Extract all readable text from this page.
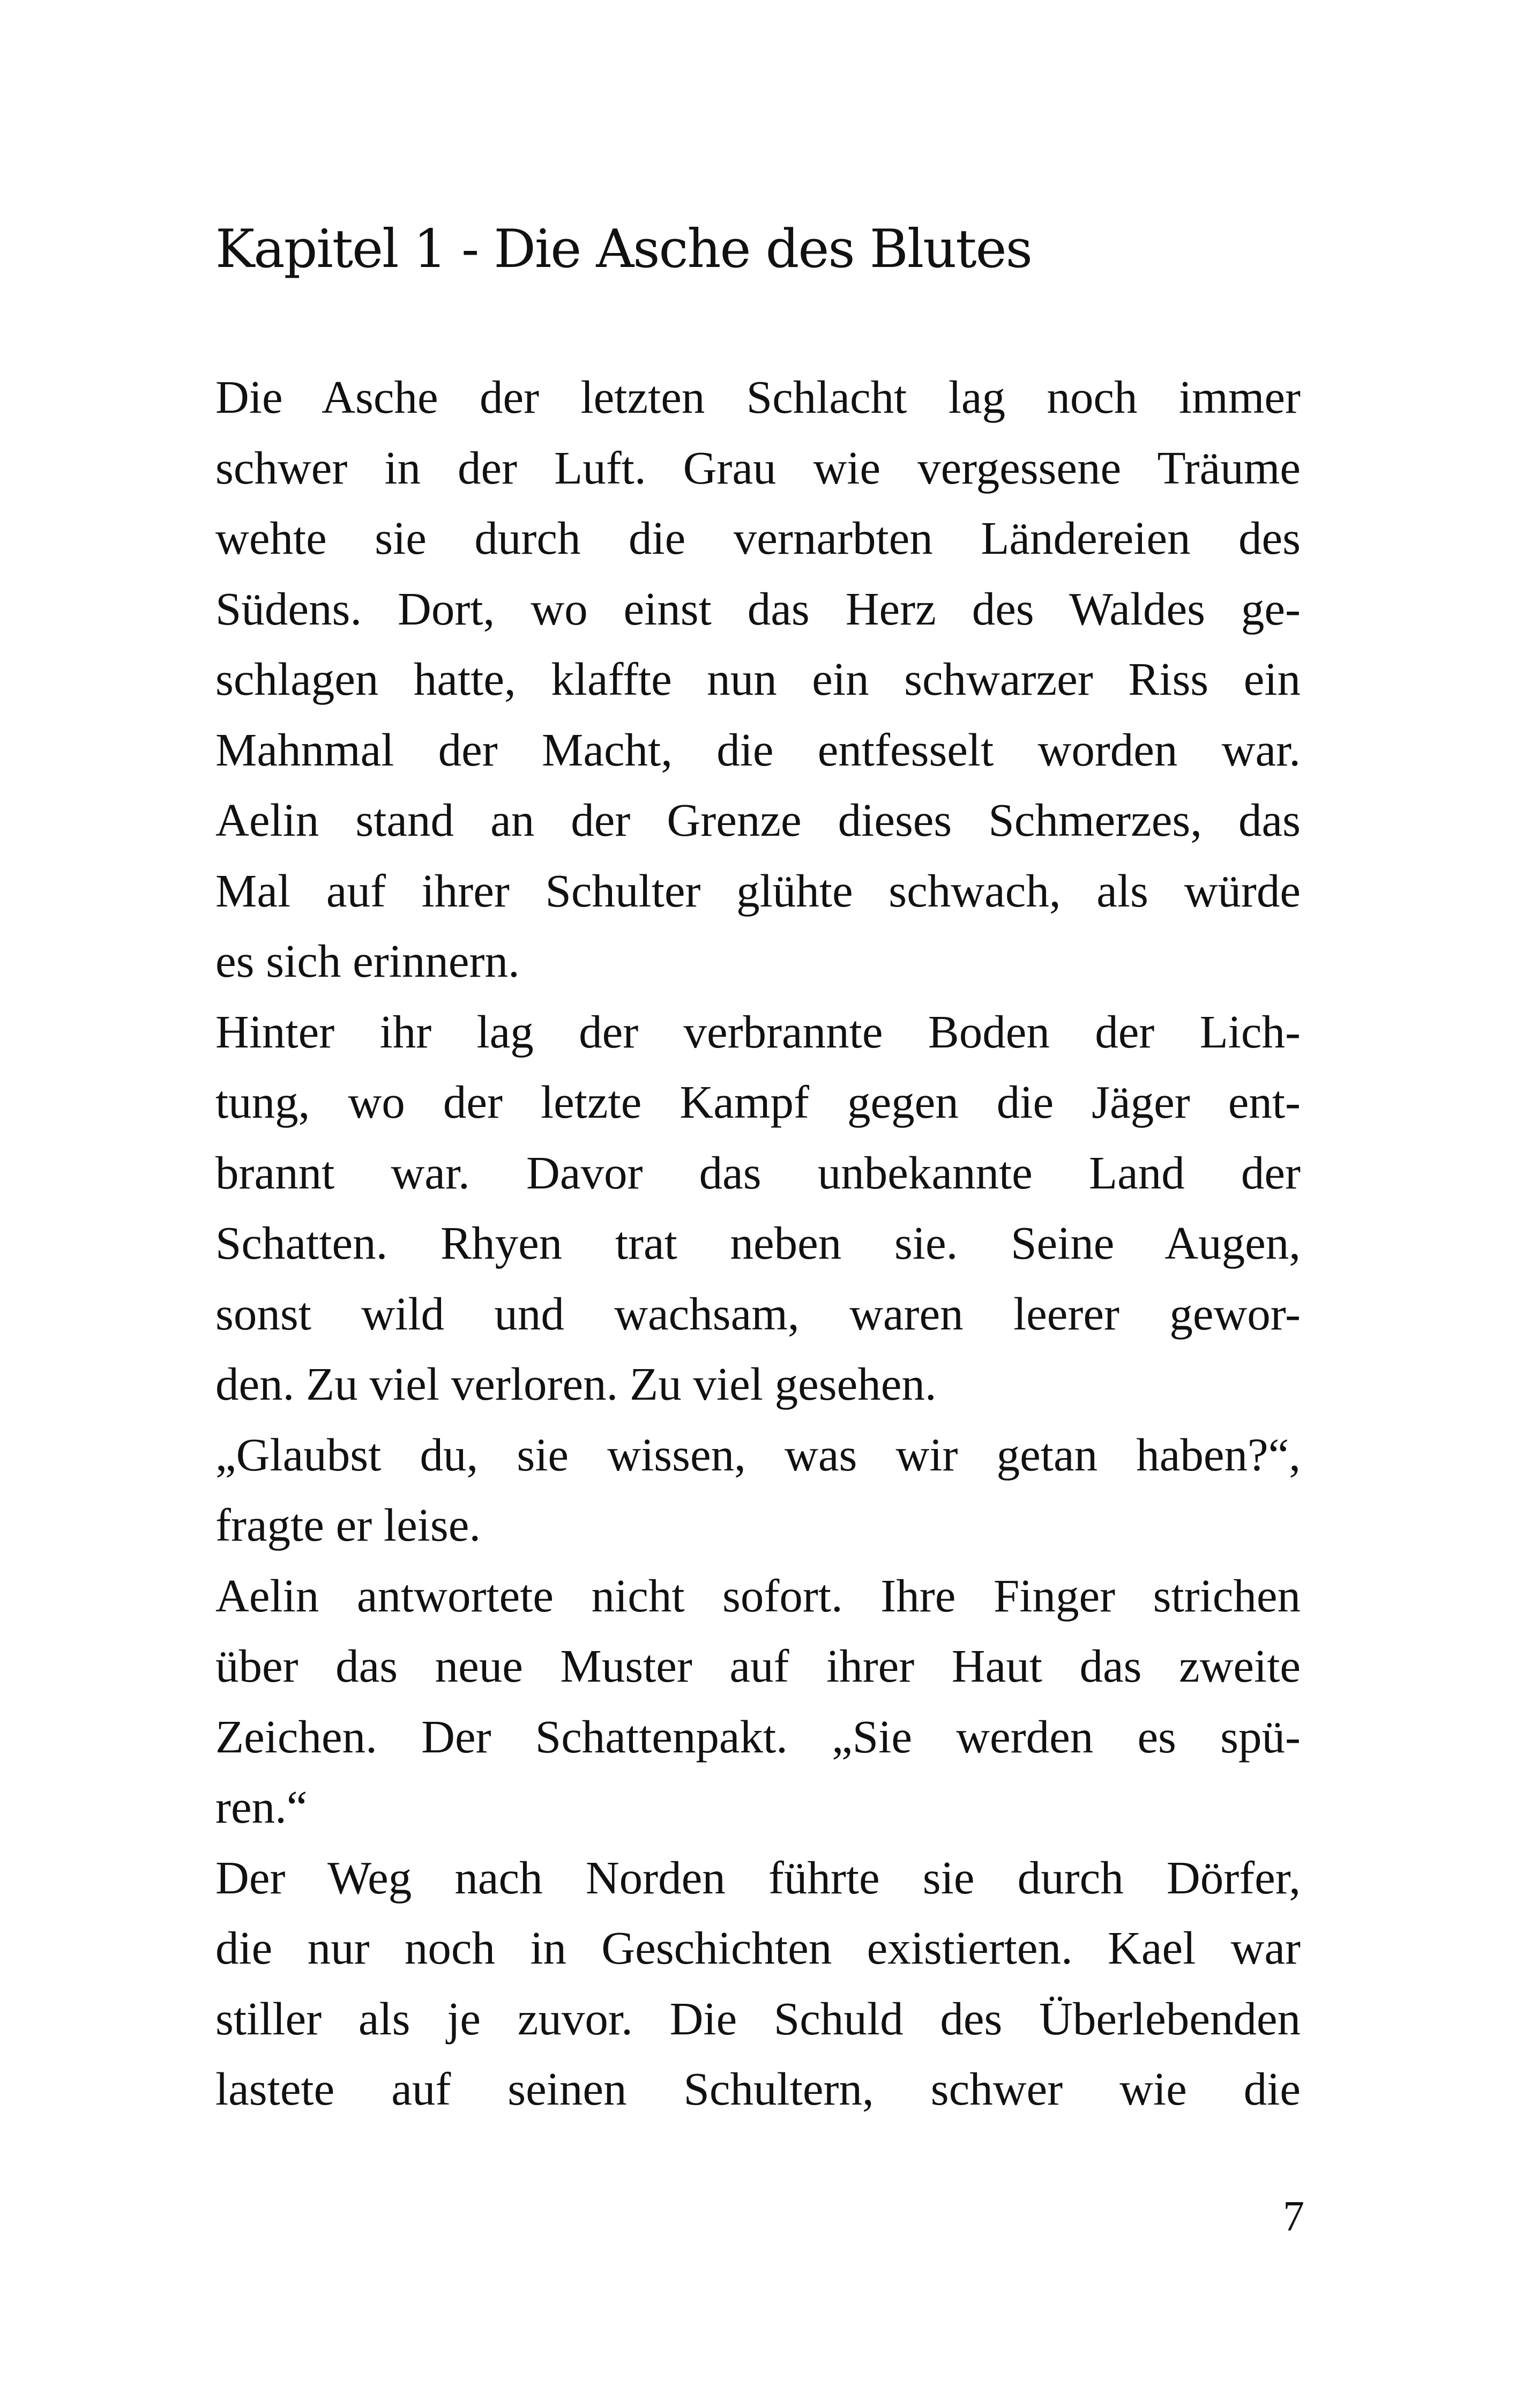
Kapitel 1 - Die Asche des Blutes
Die Asche der letzten Schlacht lag noch immer
schwer in der Luft. Grau wie vergessene Träume
wehte sie durch die vernarbten Ländereien des
Südens. Dort, wo einst das Herz des Waldes ge-
schlagen hatte, klaffte nun ein schwarzer Riss ein
Mahnmal der Macht, die entfesselt worden war.
Aelin stand an der Grenze dieses Schmerzes, das
Mal auf ihrer Schulter glühte schwach, als würde
es sich erinnern.
Hinter ihr lag der verbrannte Boden der Lich-
tung, wo der letzte Kampf gegen die Jäger ent-
brannt war. Davor das unbekannte Land der
Schatten. Rhyen trat neben sie. Seine Augen,
sonst wild und wachsam, waren leerer gewor-
den. Zu viel verloren. Zu viel gesehen.
„Glaubst du, sie wissen, was wir getan haben?“,
fragte er leise.
Aelin antwortete nicht sofort. Ihre Finger strichen
über das neue Muster auf ihrer Haut das zweite
Zeichen. Der Schattenpakt. „Sie werden es spü-
ren.“
Der Weg nach Norden führte sie durch Dörfer,
die nur noch in Geschichten existierten. Kael war
stiller als je zuvor. Die Schuld des Überlebenden
lastete auf seinen Schultern, schwer wie die
7
